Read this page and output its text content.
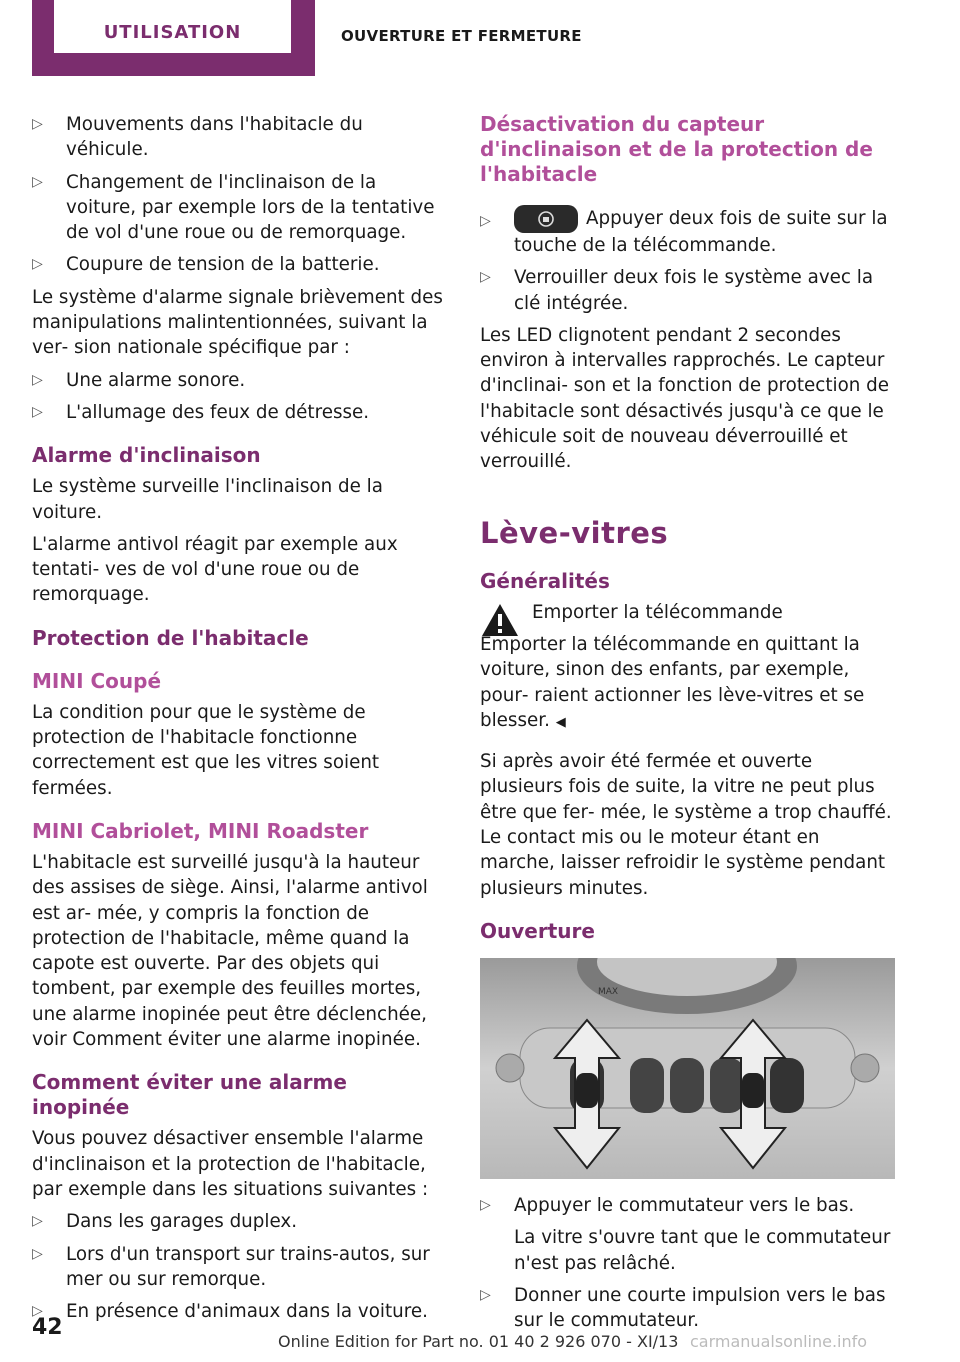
UTILISATION	OUVERTURE ET FERMETURE
▷ Mouvements dans l'habitacle du véhicule.
▷ Changement de l'inclinaison de la voiture, par exemple lors de la tentative de vol d'une roue ou de remorquage.
▷ Coupure de tension de la batterie.

Le système d'alarme signale brièvement des manipulations malintentionnées, suivant la ver‐ sion nationale spécifique par :

▷ Une alarme sonore.
▷ L'allumage des feux de détresse.
Alarme d'inclinaison

Le système surveille l'inclinaison de la voiture.

L'alarme antivol réagit par exemple aux tentati‐ ves de vol d'une roue ou de remorquage.

Protection de l'habitacle
MINI Coupé

La condition pour que le système de protection de l'habitacle fonctionne correctement est que les vitres soient fermées.

MINI Cabriolet, MINI Roadster

L'habitacle est surveillé jusqu'à la hauteur des assises de siège. Ainsi, l'alarme antivol est ar‐ mée, y compris la fonction de protection de l'habitacle, même quand la capote est ouverte. Par des objets qui tombent, par exemple des feuilles mortes, une alarme inopinée peut être déclenchée, voir Comment éviter une alarme inopinée.

Comment éviter une alarme inopinée

Vous pouvez désactiver ensemble l'alarme d'inclinaison et la protection de l'habitacle, par exemple dans les situations suivantes :

▷ Dans les garages duplex.
▷ Lors d'un transport sur trains-autos, sur mer ou sur remorque.
▷ En présence d'animaux dans la voiture.
Désactivation du capteur d'inclinaison et de la protection de l'habitacle
▷	Appuyer deux fois de suite sur la touche de la télécommande.
▷ Verrouiller deux fois le système avec la clé intégrée.

Les LED clignotent pendant 2 secondes environ à intervalles rapprochés. Le capteur d'inclinai‐ son et la fonction de protection de l'habitacle sont désactivés jusqu'à ce que le véhicule soit de nouveau déverrouillé et verrouillé.

Lève-vitres
Généralités
Emporter la télécommande
Emporter la télécommande en quittant la voiture, sinon des enfants, par exemple, pour‐ raient actionner les lève-vitres et se blesser. ◀

Si après avoir été fermée et ouverte plusieurs fois de suite, la vitre ne peut plus être que fer‐ mée, le système a trop chauffé. Le contact mis ou le moteur étant en marche, laisser refroidir le système pendant plusieurs minutes.

Ouverture
MAX
▷ Appuyer le commutateur vers le bas.

La vitre s'ouvre tant que le commutateur n'est pas relâché.

▷ Donner une courte impulsion vers le bas sur le commutateur.
42
Online Edition for Part no. 01 40 2 926 070 - XI/13 carmanualsonline.info
